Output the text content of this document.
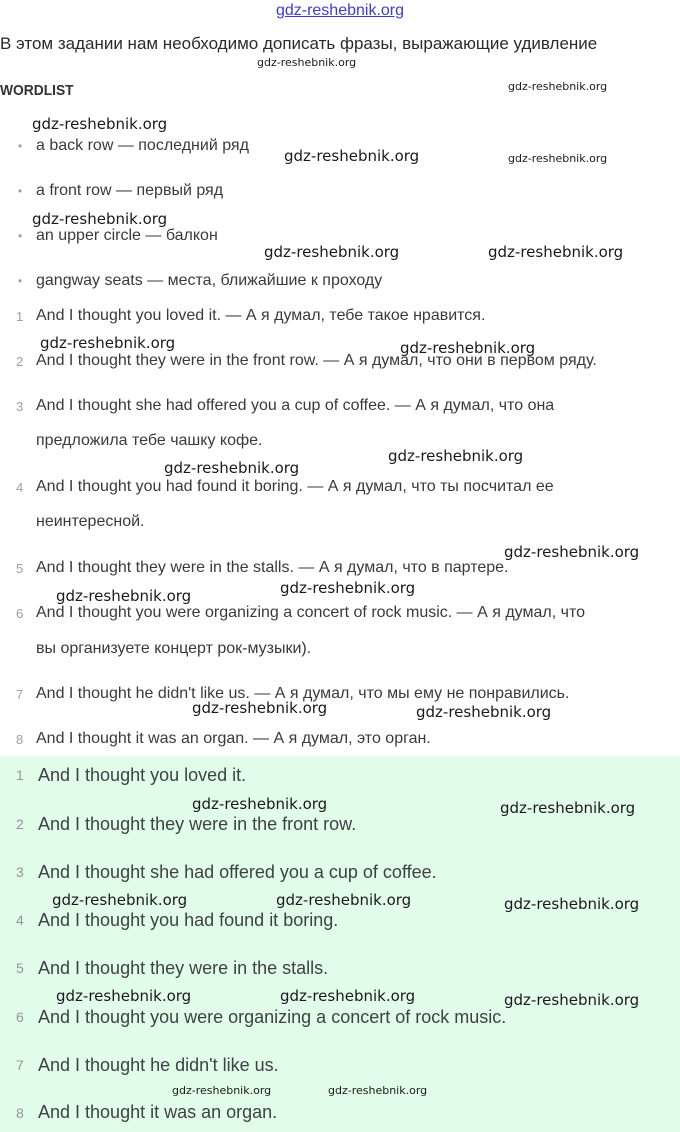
gdz-reshebnik.org
В этом задании нам необходимо дописать фразы, выражающие удивление
WORDLIST
• a back row — последний ряд
• a front row — первый ряд
• an upper circle — балкон
• gangway seats — места, ближайшие к проходу
1 And I thought you loved it. — А я думал, тебе такое нравится.
2 And I thought they were in the front row. — А я думал, что они в первом ряду.
3 And I thought she had offered you a cup of coffee. — А я думал, что она
предложила тебе чашку кофе.
4 And I thought you had found it boring. — А я думал, что ты посчитал ее
неинтересной.
5 And I thought they were in the stalls. — А я думал, что в партере.
6 And I thought you were organizing a concert of rock music. — А я думал, что
вы организуете концерт рок-музыки).
7 And I thought he didn't like us. — А я думал, что мы ему не понравились.
8 And I thought it was an organ. — А я думал, это орган.
1 And I thought you loved it.
2 And I thought they were in the front row.
3 And I thought she had offered you a cup of coffee.
4 And I thought you had found it boring.
5 And I thought they were in the stalls.
6 And I thought you were organizing a concert of rock music.
7 And I thought he didn't like us.
8 And I thought it was an organ.
gdz-reshebnik.org
gdz-reshebnik.org
gdz-reshebnik.org
gdz-reshebnik.org	gdz-reshebnik.org
gdz-reshebnik.org
gdz-reshebnik.org	gdz-reshebnik.org
gdz-reshebnik.org	gdz-reshebnik.org
gdz-reshebnik.org
gdz-reshebnik.org
gdz-reshebnik.org
gdz-reshebnik.org
gdz-reshebnik.org
gdz-reshebnik.org	gdz-reshebnik.org
gdz-reshebnik.org	gdz-reshebnik.org
gdz-reshebnik.org	gdz-reshebnik.org	gdz-reshebnik.org
gdz-reshebnik.org	gdz-reshebnik.org	gdz-reshebnik.org
gdz-reshebnik.org	gdz-reshebnik.org
